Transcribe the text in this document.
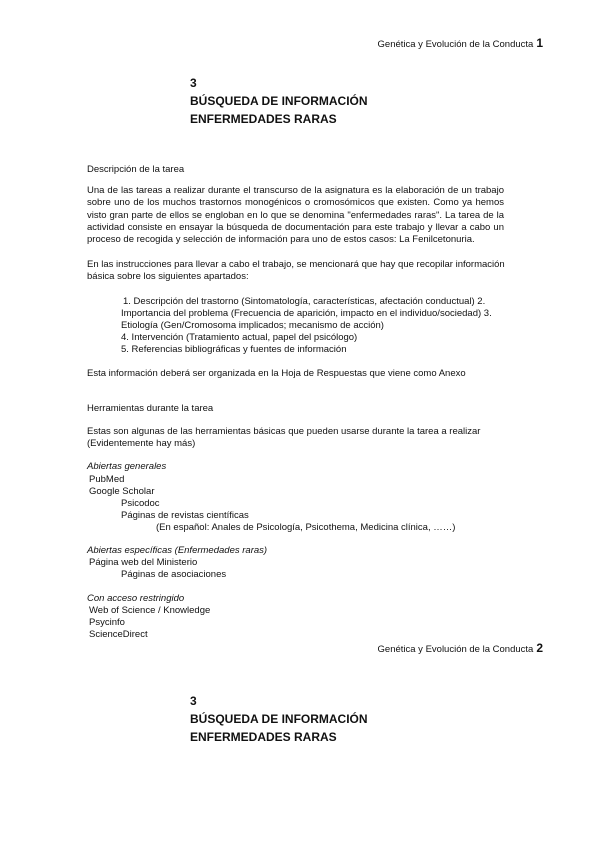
Genética y Evolución de la Conducta 1
3
BÚSQUEDA DE INFORMACIÓN
ENFERMEDADES RARAS
Descripción de la tarea

Una de las tareas a realizar durante el transcurso de la asignatura es la elaboración de un trabajo sobre uno de los muchos trastornos monogénicos o cromosómicos que existen. Como ya hemos visto gran parte de ellos se engloban en lo que se denomina "enfermedades raras". La tarea de la actividad consiste en ensayar la búsqueda de documentación para este trabajo y llevar a cabo un proceso de recogida y selección de información para uno de estos casos: La Fenilcetonuria.

En las instrucciones para llevar a cabo el trabajo, se mencionará que hay que recopilar información
básica sobre los siguientes apartados:
1. Descripción del trastorno (Sintomatología, características, afectación conductual) 2.
Importancia del problema (Frecuencia de aparición, impacto en el individuo/sociedad) 3.
Etiología (Gen/Cromosoma implicados; mecanismo de acción)
4. Intervención (Tratamiento actual, papel del psicólogo)
5. Referencias bibliográficas y fuentes de información
Esta información deberá ser organizada en la Hoja de Respuestas que viene como Anexo
Herramientas durante la tarea
Estas son algunas de las herramientas básicas que pueden usarse durante la tarea a realizar
(Evidentemente hay más)
Abiertas generales
PubMed
Google Scholar
Psicodoc
Páginas de revistas científicas
(En español: Anales de Psicología, Psicothema, Medicina clínica, ……)
Abiertas específicas (Enfermedades raras)
Página web del Ministerio
Páginas de asociaciones
Con acceso restringido
Web of Science / Knowledge
Psycinfo
ScienceDirect
Genética y Evolución de la Conducta 2
3
BÚSQUEDA DE INFORMACIÓN
ENFERMEDADES RARAS
